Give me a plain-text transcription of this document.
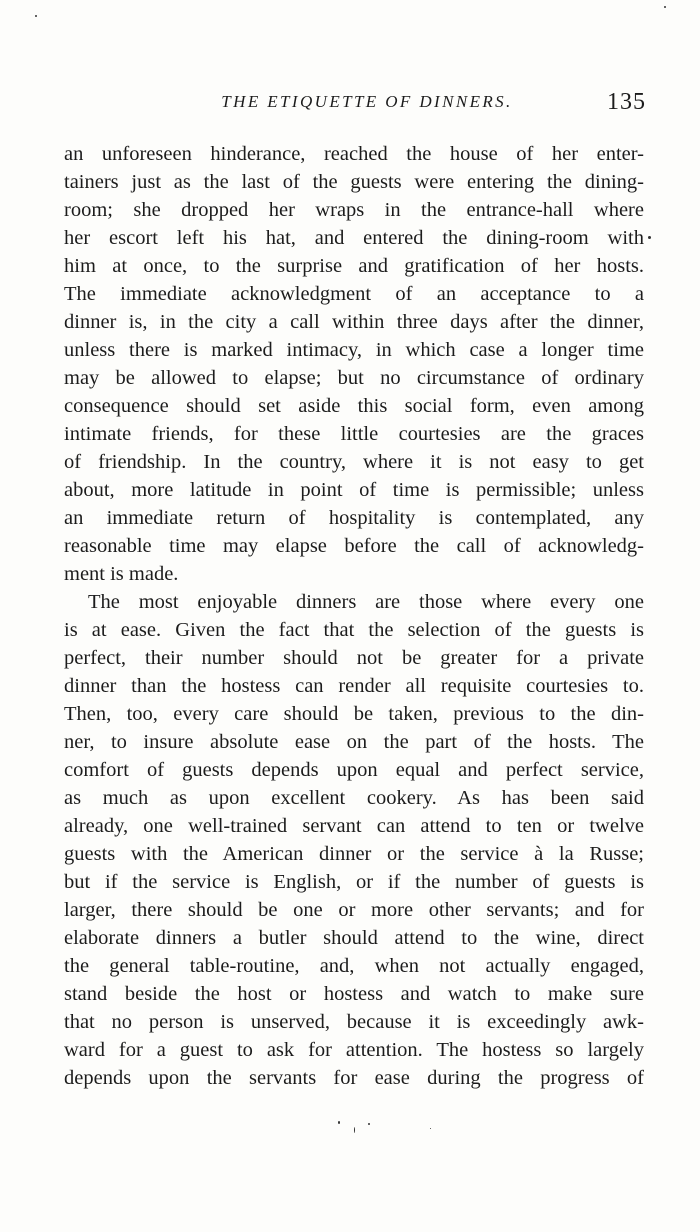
THE ETIQUETTE OF DINNERS.	135
an unforeseen hinderance, reached the house of her enter-
tainers just as the last of the guests were entering the dining-
room; she dropped her wraps in the entrance-hall where
her escort left his hat, and entered the dining-room with
him at once, to the surprise and gratification of her hosts.
The immediate acknowledgment of an acceptance to a
dinner is, in the city a call within three days after the dinner,
unless there is marked intimacy, in which case a longer time
may be allowed to elapse; but no circumstance of ordinary
consequence should set aside this social form, even among
intimate friends, for these little courtesies are the graces
of friendship. In the country, where it is not easy to get
about, more latitude in point of time is permissible; unless
an immediate return of hospitality is contemplated, any
reasonable time may elapse before the call of acknowledg-
ment is made.
The most enjoyable dinners are those where every one
is at ease. Given the fact that the selection of the guests is
perfect, their number should not be greater for a private
dinner than the hostess can render all requisite courtesies to.
Then, too, every care should be taken, previous to the din-
ner, to insure absolute ease on the part of the hosts. The
comfort of guests depends upon equal and perfect service,
as much as upon excellent cookery. As has been said
already, one well-trained servant can attend to ten or twelve
guests with the American dinner or the service à la Russe;
but if the service is English, or if the number of guests is
larger, there should be one or more other servants; and for
elaborate dinners a butler should attend to the wine, direct
the general table-routine, and, when not actually engaged,
stand beside the host or hostess and watch to make sure
that no person is unserved, because it is exceedingly awk-
ward for a guest to ask for attention. The hostess so largely
depends upon the servants for ease during the progress of
